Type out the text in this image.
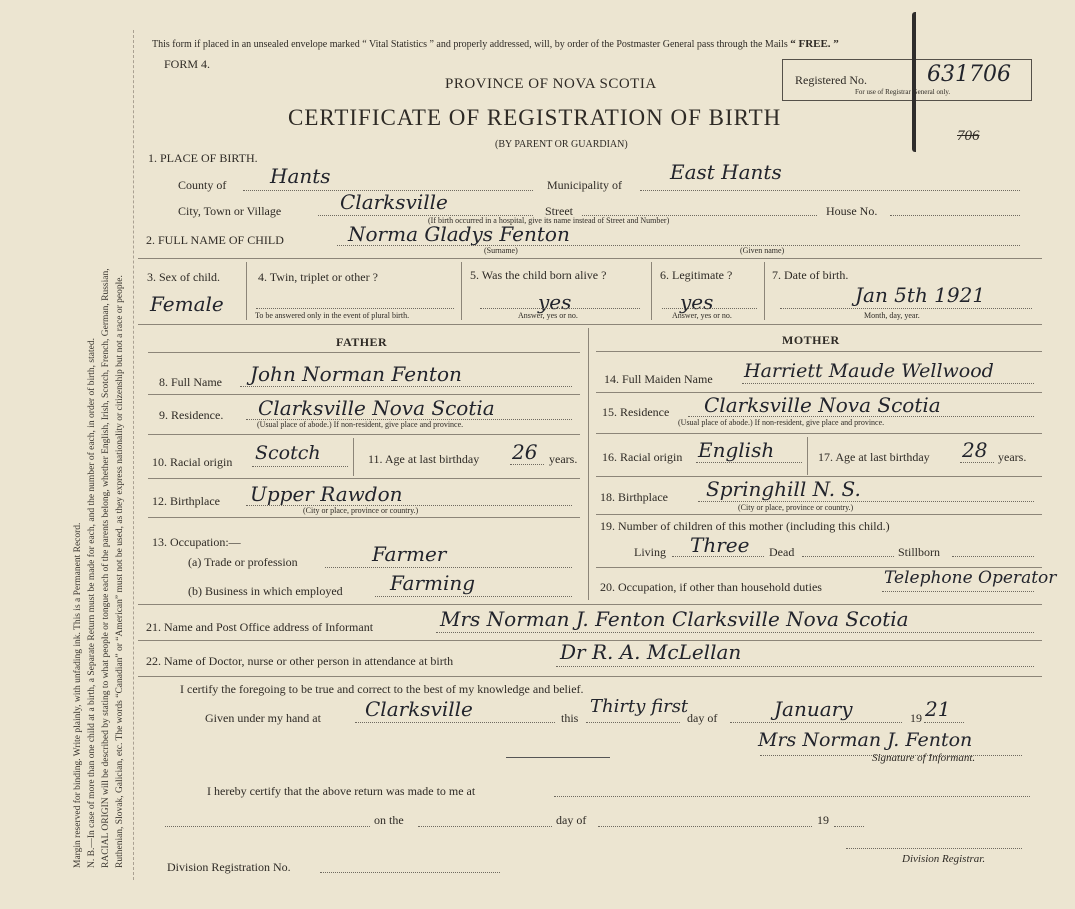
Margin reserved for binding. Write plainly, with unfading ink. This is a Permanent Record. N. B.—In case of more than one child at a birth, a Separate Return must be made for each, and the number of each, in order of birth, stated. RACIAL ORIGIN will be described by stating to what people or tongue each of the parents belong, whether English, Irish, Scotch, French, German, Russian, Ruthenian, Slovak, Galician, etc. The words “Canadian” or “American” must not be used, as they express nationality or citizenship but not a race or people.
This form if placed in an unsealed envelope marked “ Vital Statistics ” and properly addressed, will, by order of the Postmaster General pass through the Mails “ FREE. ”
FORM 4.
PROVINCE OF NOVA SCOTIA
CERTIFICATE OF REGISTRATION OF BIRTH
(BY PARENT OR GUARDIAN)
Registered No.	631706
For use of Registrar General only.
706
1. PLACE OF BIRTH.
County of Hants	Municipality of
East Hants
City, Town or Village	Clarksville	Street	House No.
(If birth occurred in a hospital, give its name instead of Street and Number)
2. FULL NAME OF CHILD	Norma Gladys Fenton
(Surname)	(Given name)
3. Sex of child.
Female
4. Twin, triplet or other ?
To be answered only in the event of plural birth.
5. Was the child born alive ?
yes
Answer, yes or no.
6. Legitimate ?
yes
Answer, yes or no.
7. Date of birth.
Jan 5th 1921
Month, day, year.
FATHER	MOTHER
8. Full Name John Norman Fenton
9. Residence. Clarksville Nova Scotia
(Usual place of abode.) If non-resident, give place and province.
10. Racial origin Scotch	11. Age at last birthday 26 years.
12. Birthplace Upper Rawdon
(City or place, province or country.)
13. Occupation:—
(a) Trade or profession	Farmer
(b) Business in which employed Farming
14. Full Maiden Name Harriett Maude Wellwood
15. Residence Clarksville Nova Scotia
(Usual place of abode.) If non-resident, give place and province.
16. Racial origin English	17. Age at last birthday 28 years.
18. Birthplace Springhill N. S.
(City or place, province or country.)
19. Number of children of this mother (including this child.)
Living Three Dead	Stillborn
20. Occupation, if other than household duties	Telephone Operator
21. Name and Post Office address of Informant	Mrs Norman J. Fenton Clarksville Nova Scotia
22. Name of Doctor, nurse or other person in attendance at birth	Dr R. A. McLellan
I certify the foregoing to be true and correct to the best of my knowledge and belief.
Given under my hand at Clarksville	this
Thirty first
day of	January	19 21
Mrs Norman J. Fenton
Signature of Informant.
I hereby certify that the above return was made to me at
on the	day of	19
Division Registration No.
Division Registrar.
